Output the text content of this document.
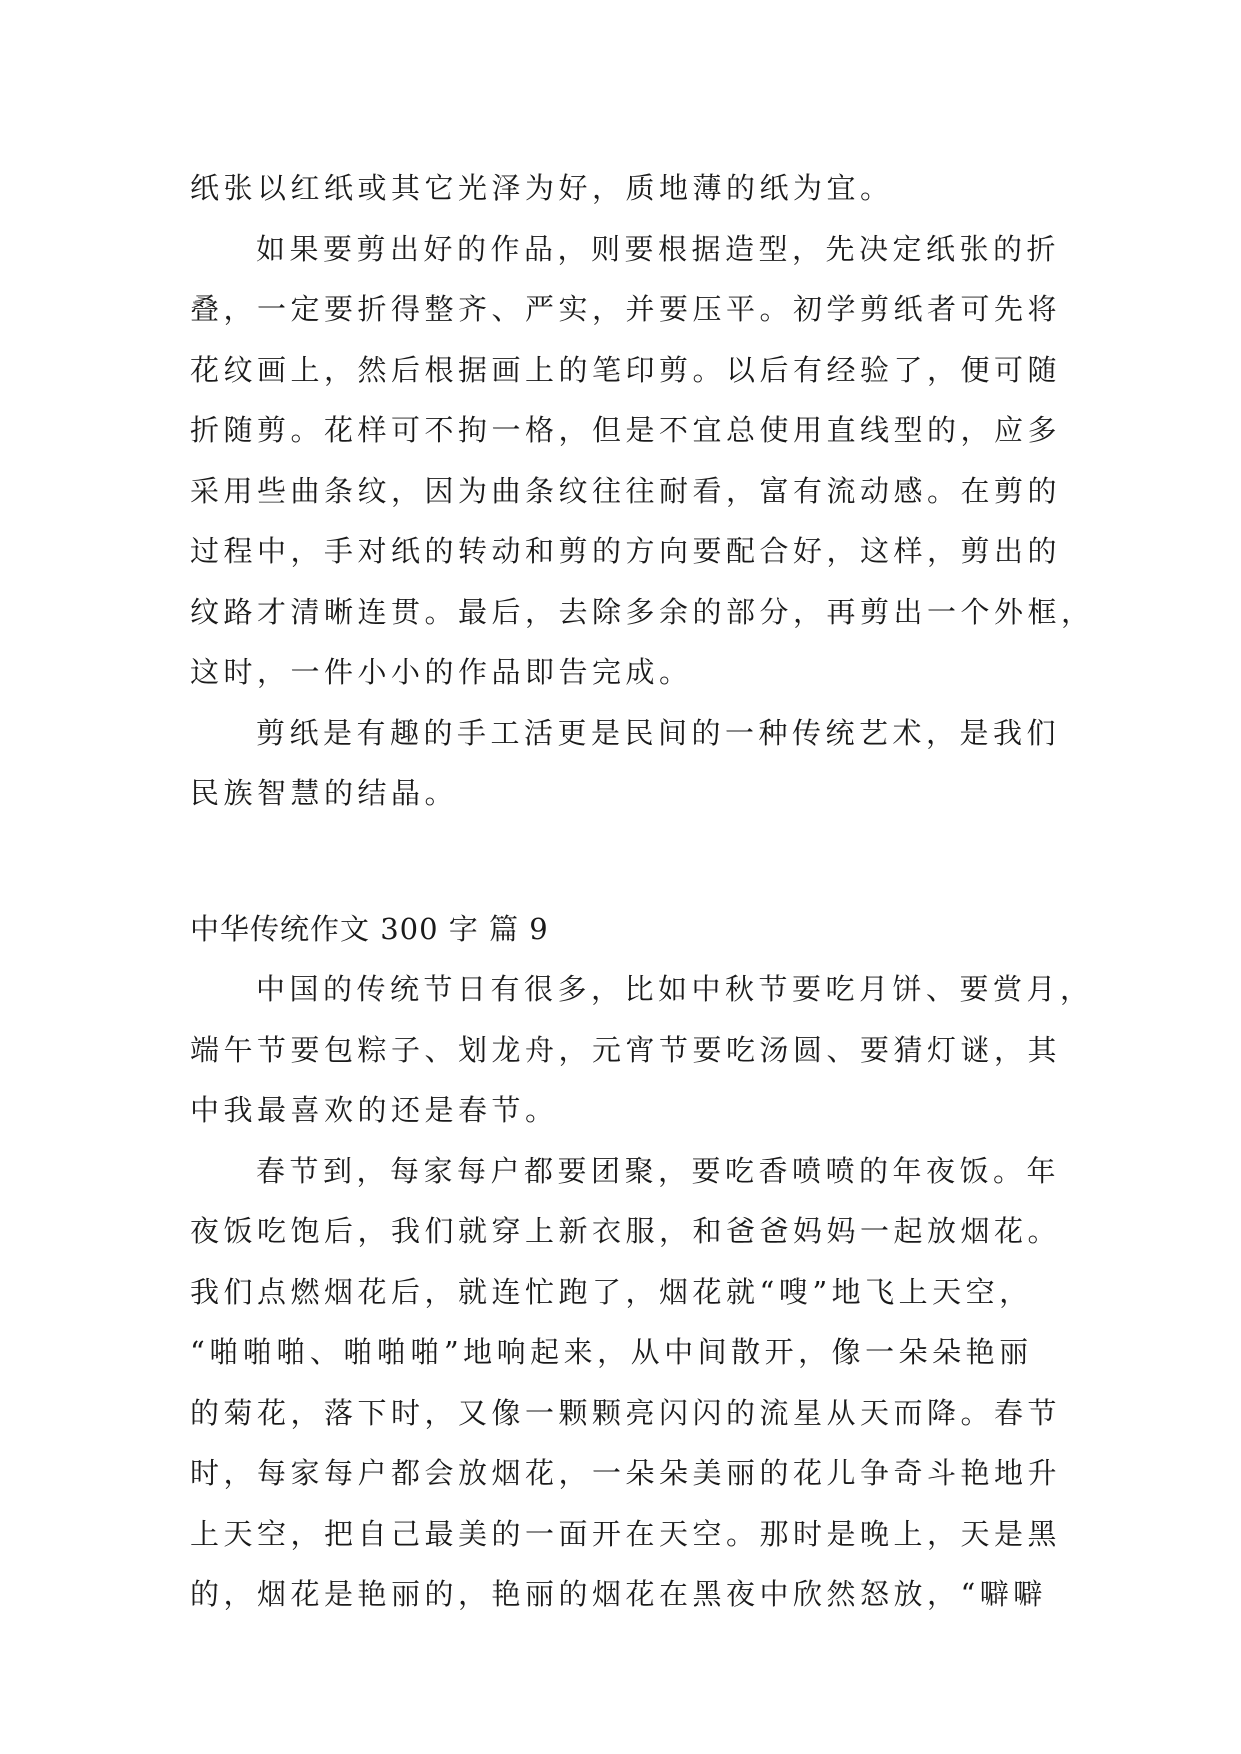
纸张以红纸或其它光泽为好，质地薄的纸为宜。

如果要剪出好的作品，则要根据造型，先决定纸张的折

叠，一定要折得整齐、严实，并要压平。初学剪纸者可先将

花纹画上，然后根据画上的笔印剪。以后有经验了，便可随

折随剪。花样可不拘一格，但是不宜总使用直线型的，应多

采用些曲条纹，因为曲条纹往往耐看，富有流动感。在剪的

过程中，手对纸的转动和剪的方向要配合好，这样，剪出的

纹路才清晰连贯。最后，去除多余的部分，再剪出一个外框，

这时，一件小小的作品即告完成。

剪纸是有趣的手工活更是民间的一种传统艺术，是我们

民族智慧的结晶。

中华传统作文 300 字 篇 9

中国的传统节日有很多，比如中秋节要吃月饼、要赏月，

端午节要包粽子、划龙舟，元宵节要吃汤圆、要猜灯谜，其

中我最喜欢的还是春节。

春节到，每家每户都要团聚，要吃香喷喷的年夜饭。年

夜饭吃饱后，我们就穿上新衣服，和爸爸妈妈一起放烟花。

我们点燃烟花后，就连忙跑了，烟花就“嗖”地飞上天空，

“啪啪啪、啪啪啪”地响起来，从中间散开，像一朵朵艳丽

的菊花，落下时，又像一颗颗亮闪闪的流星从天而降。春节

时，每家每户都会放烟花，一朵朵美丽的花儿争奇斗艳地升

上天空，把自己最美的一面开在天空。那时是晚上，天是黑

的，烟花是艳丽的，艳丽的烟花在黑夜中欣然怒放，“噼噼
